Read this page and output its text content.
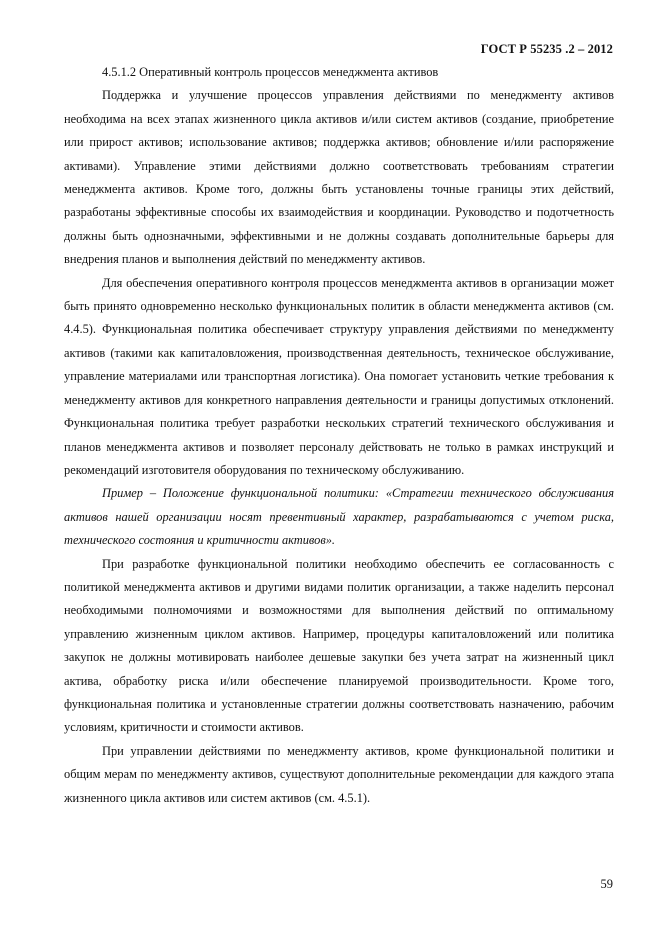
ГОСТ Р 55235 .2 – 2012

4.5.1.2 Оперативный контроль процессов менеджмента активов

Поддержка и улучшение процессов управления действиями по менеджменту активов необходима на всех этапах жизненного цикла активов и/или систем активов (создание, приобретение или прирост активов; использование активов; поддержка активов; обновление и/или распоряжение активами). Управление этими действиями должно соответствовать требованиям стратегии менеджмента активов. Кроме того, должны быть установлены точные границы этих действий, разработаны эффективные способы их взаимодействия и координации. Руководство и подотчетность должны быть однозначными, эффективными и не должны создавать дополнительные барьеры для внедрения планов и выполнения действий по менеджменту активов.

Для обеспечения оперативного контроля процессов менеджмента активов в организации может быть принято одновременно несколько функциональных политик в области менеджмента активов (см. 4.4.5). Функциональная политика обеспечивает структуру управления действиями по менеджменту активов (такими как капиталовложения, производственная деятельность, техническое обслуживание, управление материалами или транспортная логистика). Она помогает установить четкие требования к менеджменту активов для конкретного направления деятельности и границы допустимых отклонений. Функциональная политика требует разработки нескольких стратегий технического обслуживания и планов менеджмента активов и позволяет персоналу действовать не только в рамках инструкций и рекомендаций изготовителя оборудования по техническому обслуживанию.

Пример – Положение функциональной политики: «Стратегии технического обслуживания активов нашей организации носят превентивный характер, разрабатываются с учетом риска, технического состояния и критичности активов».

При разработке функциональной политики необходимо обеспечить ее согласованность с политикой менеджмента активов и другими видами политик организации, а также наделить персонал необходимыми полномочиями и возможностями для выполнения действий по оптимальному управлению жизненным циклом активов. Например, процедуры капиталовложений или политика закупок не должны мотивировать наиболее дешевые закупки без учета затрат на жизненный цикл актива, обработку риска и/или обеспечение планируемой производительности. Кроме того, функциональная политика и установленные стратегии должны соответствовать назначению, рабочим условиям, критичности и стоимости активов.

При управлении действиями по менеджменту активов, кроме функциональной политики и общим мерам по менеджменту активов, существуют дополнительные рекомендации для каждого этапа жизненного цикла активов или систем активов (см. 4.5.1).

59
